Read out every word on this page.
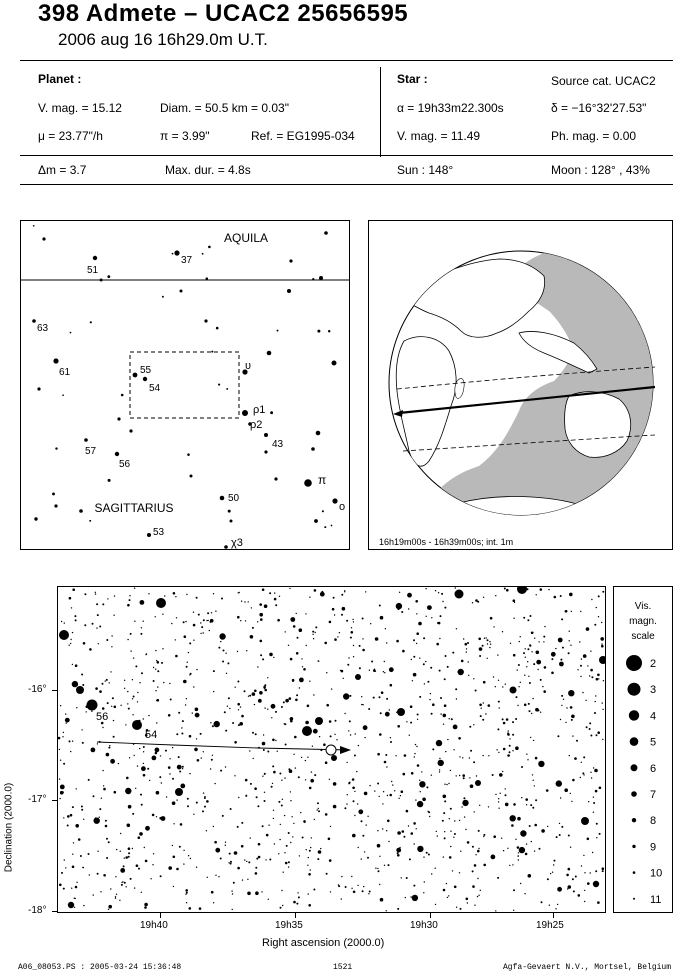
398 Admete – UCAC2 25656595
2006 aug 16 16h29.0m U.T.
Planet :
V. mag. = 15.12	Diam. = 50.5 km = 0.03"
μ = 23.77"/h	π = 3.99"	Ref. = EG1995-034
Δm = 3.7	Max. dur. = 4.8s
Star :	Source cat. UCAC2
α = 19h33m22.300s	δ = −16°32'27.53"
V. mag. = 11.49	Ph. mag. = 0.00
Sun : 148°	Moon : 128° , 43%
AQUILA
SAGITTARIUS
51
37
63
61	55
54
υ
ρ1
ρ2
43
57
56
π
50
ο
53
χ3	16h19m00s - 16h39m00s; int. 1m
56
54
Declination (2000.0)
-16°
-17°
-18°
19h40	19h35	19h30	19h25
Right ascension (2000.0)
Vis.
magn.
scale
2
3
4
5
6
7
8
9
10
11
A06_08053.PS : 2005-03-24 15:36:48	1521	Agfa-Gevaert N.V., Mortsel, Belgium
